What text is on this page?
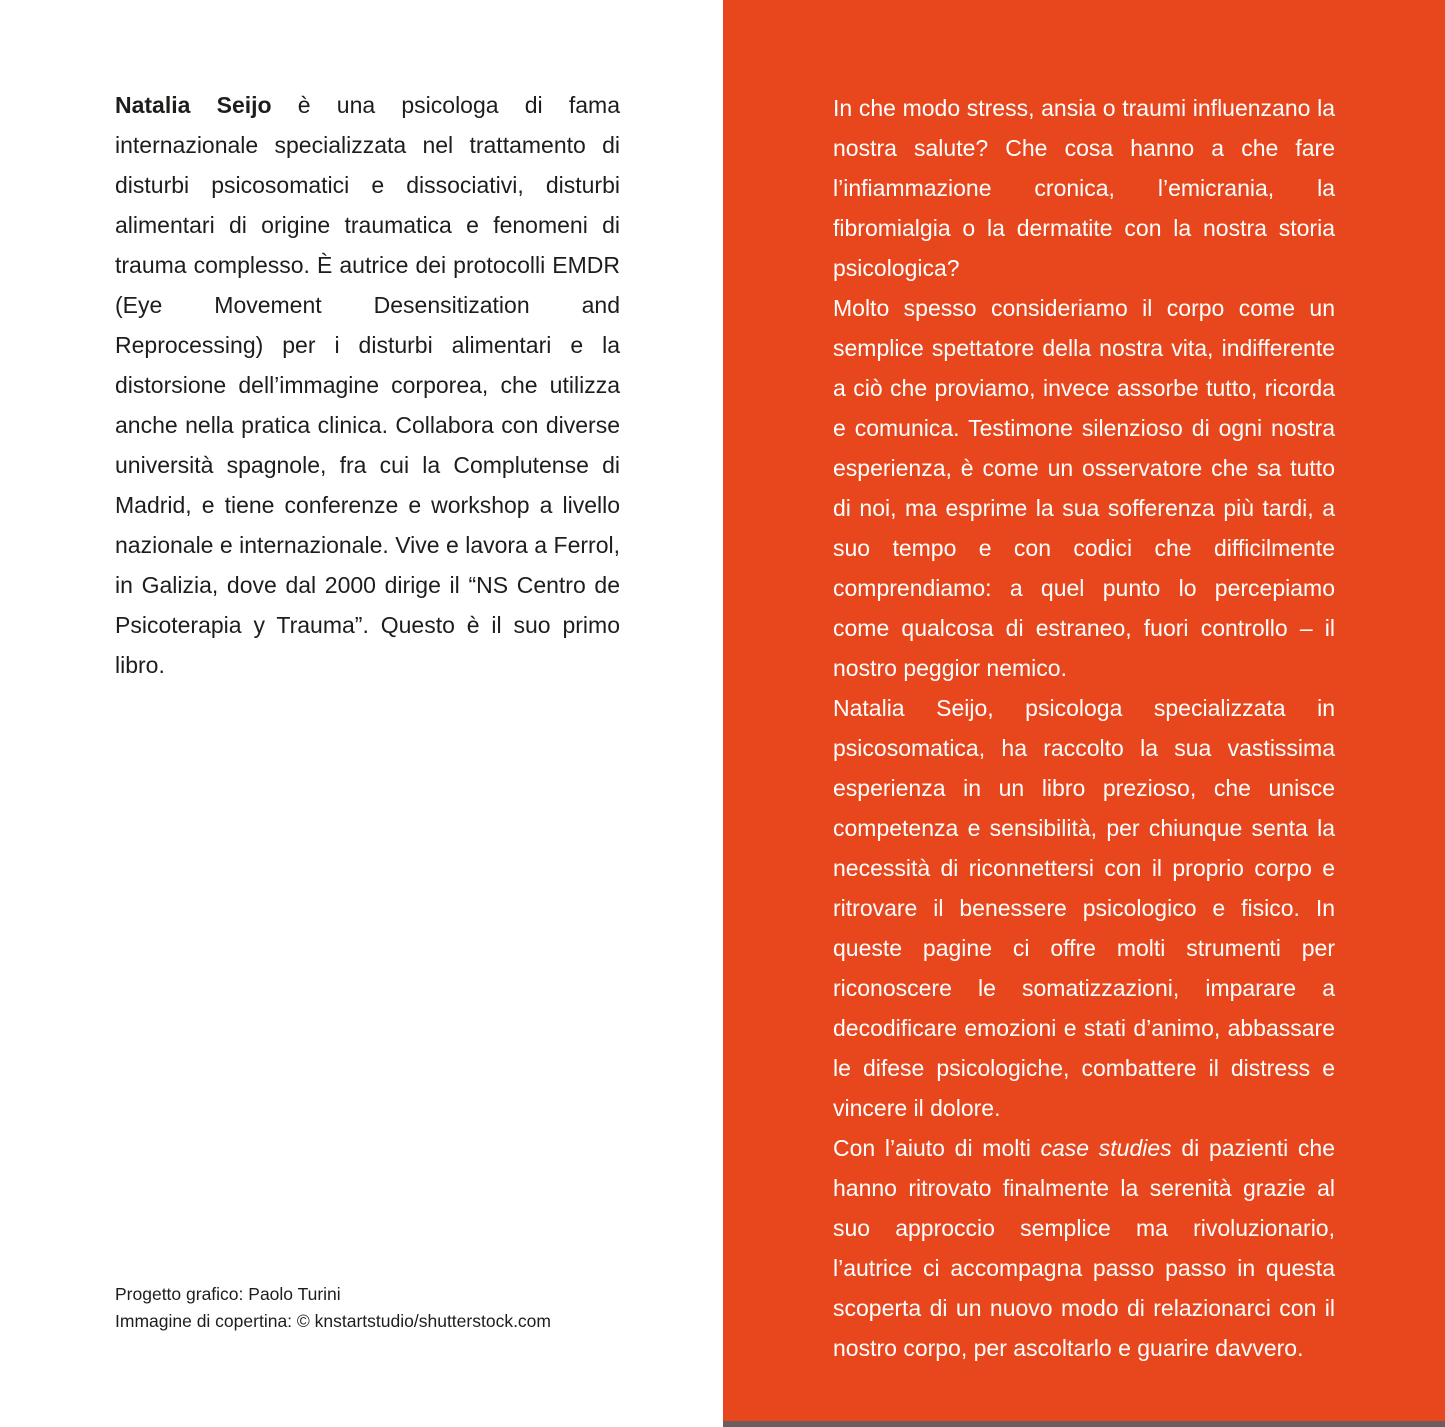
Natalia Seijo è una psicologa di fama internazionale specializzata nel trattamento di disturbi psicosomatici e dissociativi, disturbi alimentari di origine traumatica e fenomeni di trauma complesso. È autrice dei protocolli EMDR (Eye Movement Desensitization and Reprocessing) per i disturbi alimentari e la distorsione dell’immagine corporea, che utilizza anche nella pratica clinica. Collabora con diverse università spagnole, fra cui la Complutense di Madrid, e tiene conferenze e workshop a livello nazionale e internazionale. Vive e lavora a Ferrol, in Galizia, dove dal 2000 dirige il “NS Centro de Psicoterapia y Trauma”. Questo è il suo primo libro.

Progetto grafico: Paolo Turini
Immagine di copertina: © knstartstudio/shutterstock.com

In che modo stress, ansia o traumi influenzano la nostra salute? Che cosa hanno a che fare l’infiammazione cronica, l’emicrania, la fibromialgia o la dermatite con la nostra storia psicologica?

Molto spesso consideriamo il corpo come un semplice spettatore della nostra vita, indifferente a ciò che proviamo, invece assorbe tutto, ricorda e comunica. Testimone silenzioso di ogni nostra esperienza, è come un osservatore che sa tutto di noi, ma esprime la sua sofferenza più tardi, a suo tempo e con codici che difficilmente comprendiamo: a quel punto lo percepiamo come qualcosa di estraneo, fuori controllo – il nostro peggior nemico.

Natalia Seijo, psicologa specializzata in psicosomatica, ha raccolto la sua vastissima esperienza in un libro prezioso, che unisce competenza e sensibilità, per chiunque senta la necessità di riconnettersi con il proprio corpo e ritrovare il benessere psicologico e fisico. In queste pagine ci offre molti strumenti per riconoscere le somatizzazioni, imparare a decodificare emozioni e stati d’animo, abbassare le difese psicologiche, combattere il distress e vincere il dolore.

Con l’aiuto di molti case studies di pazienti che hanno ritrovato finalmente la serenità grazie al suo approccio semplice ma rivoluzionario, l’autrice ci accompagna passo passo in questa scoperta di un nuovo modo di relazionarci con il nostro corpo, per ascoltarlo e guarire davvero.
